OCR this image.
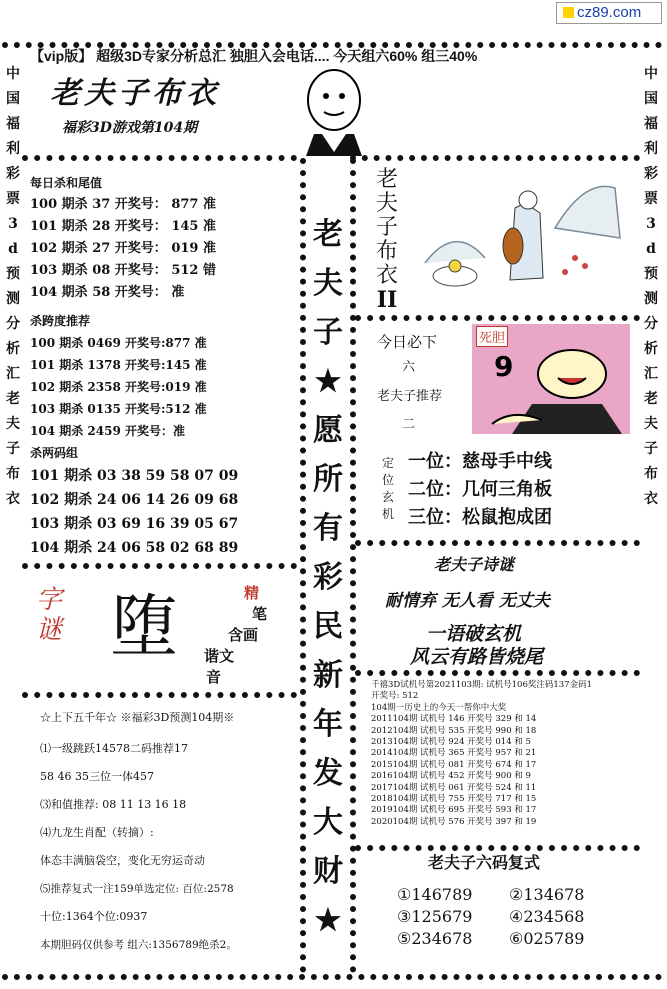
cz89.com
【vip版】 超级3D专家分析总汇 独胆入会电话.... 今天组六60% 组三40%
中国福利彩票3d预测分析汇老夫子布衣
中国福利彩票3d预测分析汇老夫子布衣
老夫子布衣
福彩3D游戏第104期
每日杀和尾值
100 期杀 37 开奖号： 877 准
101 期杀 28 开奖号： 145 准
102 期杀 27 开奖号： 019 准
103 期杀 08 开奖号： 512 错
104 期杀 58 开奖号： 准
杀跨度推荐
100 期杀 0469 开奖号:877 准
101 期杀 1378 开奖号:145 准
102 期杀 2358 开奖号:019 准
103 期杀 0135 开奖号:512 准
104 期杀 2459 开奖号：准
杀两码组
101 期杀 03 38 59 58 07 09
102 期杀 24 06 14 26 09 68
103 期杀 03 69 16 39 05 67
104 期杀 24 06 58 02 68 89
字谜 堕	精
笔
含画
谐文
音
☆上下五千年☆ ※福彩3D预测104期※
⑴一级跳跃14578二码推荐17
58 46 35三位一体457
⑶和值推荐: 08 11 13 16 18
⑷九龙生肖配（转摘）:
体态丰满脑袋空，变化无穷运奇动
⑸推荐复式一注159单选定位: 百位:2578
十位:1364个位:0937
本期胆码仅供参考 组六:1356789绝杀2。
老
夫
子
★
愿
所
有
彩
民
新
年
发
大
财
★
老
夫
子
布
衣
II
今日必下
六
老夫子推荐
二
死胆
9
定位玄机
一位：慈母手中线
二位：几何三角板
三位：松鼠抱成团
老夫子诗谜
耐情弃 无人看 无丈夫
一语破玄机
风云有路皆烧尾
千禧3D试机号第2021103期: 试机号106奖注码137金码1
开奖号: 512
104期一历史上的今天一帮你中大奖
2011104期 试机号 146 开奖号 329 和 14
2012104期 试机号 535 开奖号 990 和 18
2013104期 试机号 924 开奖号 014 和 5
2014104期 试机号 365 开奖号 957 和 21
2015104期 试机号 081 开奖号 674 和 17
2016104期 试机号 452 开奖号 900 和 9
2017104期 试机号 061 开奖号 524 和 11
2018104期 试机号 755 开奖号 717 和 15
2019104期 试机号 695 开奖号 593 和 17
2020104期 试机号 576 开奖号 397 和 19
老夫子六码复式
①146789 ②134678
③125679 ④234568
⑤234678 ⑥025789
